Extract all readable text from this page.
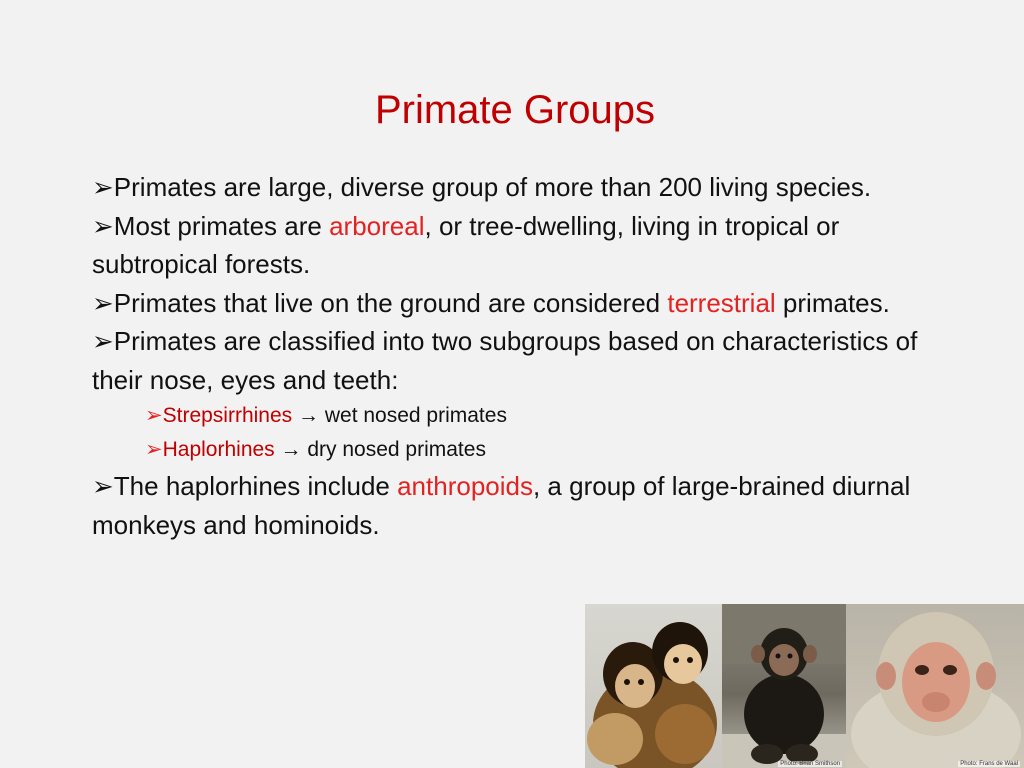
Primate Groups

➢Primates are large, diverse group of more than 200 living species.

➢Most primates are arboreal, or tree-dwelling, living in tropical or subtropical forests.

➢Primates that live on the ground are considered terrestrial primates.

➢Primates are classified into two subgroups based on characteristics of their nose, eyes and teeth:

➢Strepsirrhines → wet nosed primates

➢Haplorhines → dry nosed primates

➢The haplorhines include anthropoids, a group of large-brained diurnal monkeys and hominoids.

Photo: Brian Smithson	Photo: Frans de Waal
